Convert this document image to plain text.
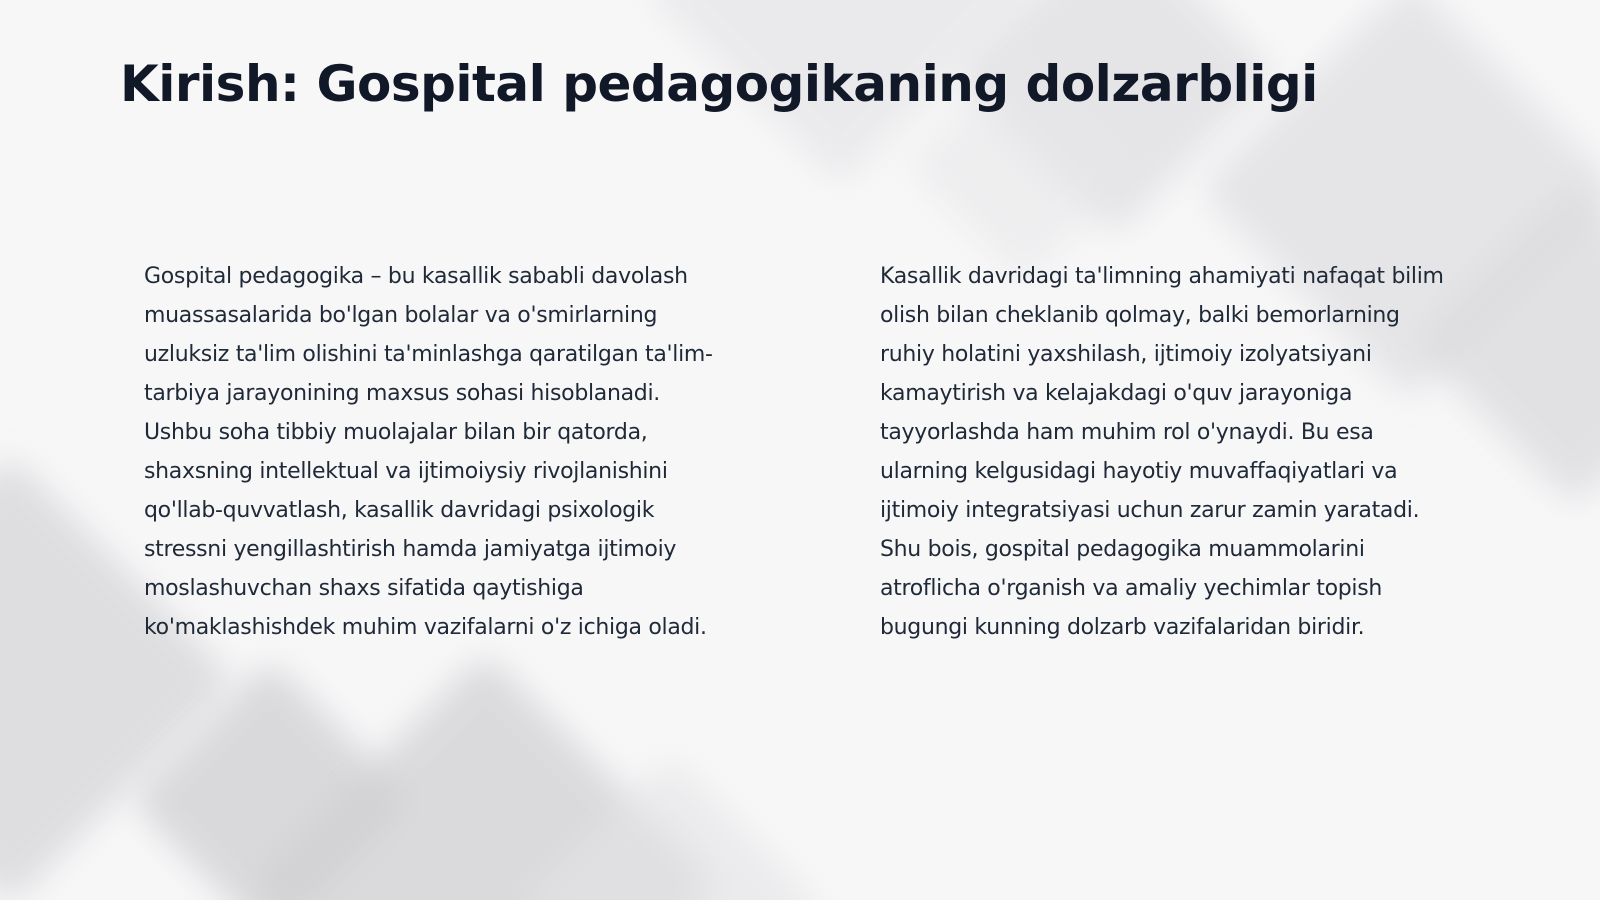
Kirish: Gospital pedagogikaning dolzarbligi

Gospital pedagogika – bu kasallik sababli davolash muassasalarida bo'lgan bolalar va o'smirlarning uzluksiz ta'lim olishini ta'minlashga qaratilgan ta'lim-tarbiya jarayonining maxsus sohasi hisoblanadi. Ushbu soha tibbiy muolajalar bilan bir qatorda, shaxsning intellektual va ijtimoiysiy rivojlanishini qo'llab-quvvatlash, kasallik davridagi psixologik stressni yengillashtirish hamda jamiyatga ijtimoiy moslashuvchan shaxs sifatida qaytishiga ko'maklashishdek muhim vazifalarni o'z ichiga oladi.

Kasallik davridagi ta'limning ahamiyati nafaqat bilim olish bilan cheklanib qolmay, balki bemorlarning ruhiy holatini yaxshilash, ijtimoiy izolyatsiyani kamaytirish va kelajakdagi o'quv jarayoniga tayyorlashda ham muhim rol o'ynaydi. Bu esa ularning kelgusidagi hayotiy muvaffaqiyatlari va ijtimoiy integratsiyasi uchun zarur zamin yaratadi. Shu bois, gospital pedagogika muammolarini atroflicha o'rganish va amaliy yechimlar topish bugungi kunning dolzarb vazifalaridan biridir.
